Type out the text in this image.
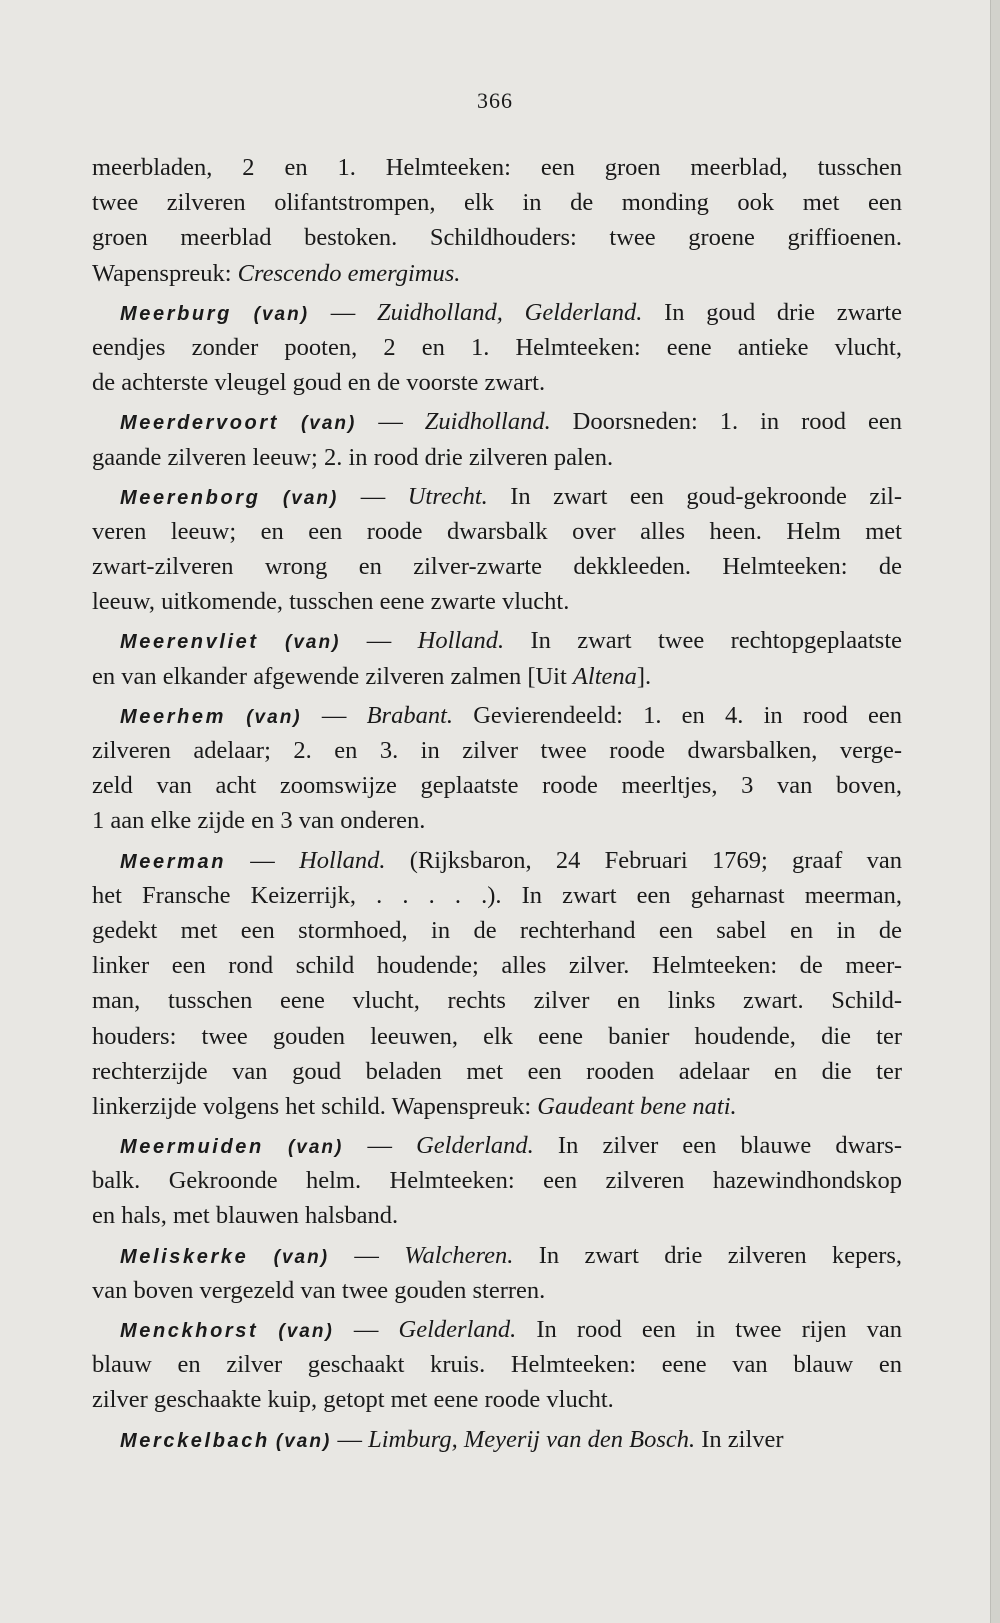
366
meerbladen, 2 en 1. Helmteeken: een groen meerblad, tusschen
twee zilveren olifantstrompen, elk in de monding ook met een
groen meerblad bestoken. Schildhouders: twee groene griffioenen.
Wapenspreuk: Crescendo emergimus.
Meerburg (van) — Zuidholland, Gelderland. In goud drie zwarte
eendjes zonder pooten, 2 en 1. Helmteeken: eene antieke vlucht,
de achterste vleugel goud en de voorste zwart.
Meerdervoort (van) — Zuidholland. Doorsneden: 1. in rood een
gaande zilveren leeuw; 2. in rood drie zilveren palen.
Meerenborg (van) — Utrecht. In zwart een goud-gekroonde zil-
veren leeuw; en een roode dwarsbalk over alles heen. Helm met
zwart-zilveren wrong en zilver-zwarte dekkleeden. Helmteeken: de
leeuw, uitkomende, tusschen eene zwarte vlucht.
Meerenvliet (van) — Holland. In zwart twee rechtopgeplaatste
en van elkander afgewende zilveren zalmen [Uit Altena].
Meerhem (van) — Brabant. Gevierendeeld: 1. en 4. in rood een
zilveren adelaar; 2. en 3. in zilver twee roode dwarsbalken, verge-
zeld van acht zoomswijze geplaatste roode meerltjes, 3 van boven,
1 aan elke zijde en 3 van onderen.
Meerman — Holland. (Rijksbaron, 24 Februari 1769; graaf van
het Fransche Keizerrijk, . . . . .). In zwart een geharnast meerman,
gedekt met een stormhoed, in de rechterhand een sabel en in de
linker een rond schild houdende; alles zilver. Helmteeken: de meer-
man, tusschen eene vlucht, rechts zilver en links zwart. Schild-
houders: twee gouden leeuwen, elk eene banier houdende, die ter
rechterzijde van goud beladen met een rooden adelaar en die ter
linkerzijde volgens het schild. Wapenspreuk: Gaudeant bene nati.
Meermuiden (van) — Gelderland. In zilver een blauwe dwars-
balk. Gekroonde helm. Helmteeken: een zilveren hazewindhondskop
en hals, met blauwen halsband.
Meliskerke (van) — Walcheren. In zwart drie zilveren kepers,
van boven vergezeld van twee gouden sterren.
Menckhorst (van) — Gelderland. In rood een in twee rijen van
blauw en zilver geschaakt kruis. Helmteeken: eene van blauw en
zilver geschaakte kuip, getopt met eene roode vlucht.
Merckelbach (van) — Limburg, Meyerij van den Bosch. In zilver
